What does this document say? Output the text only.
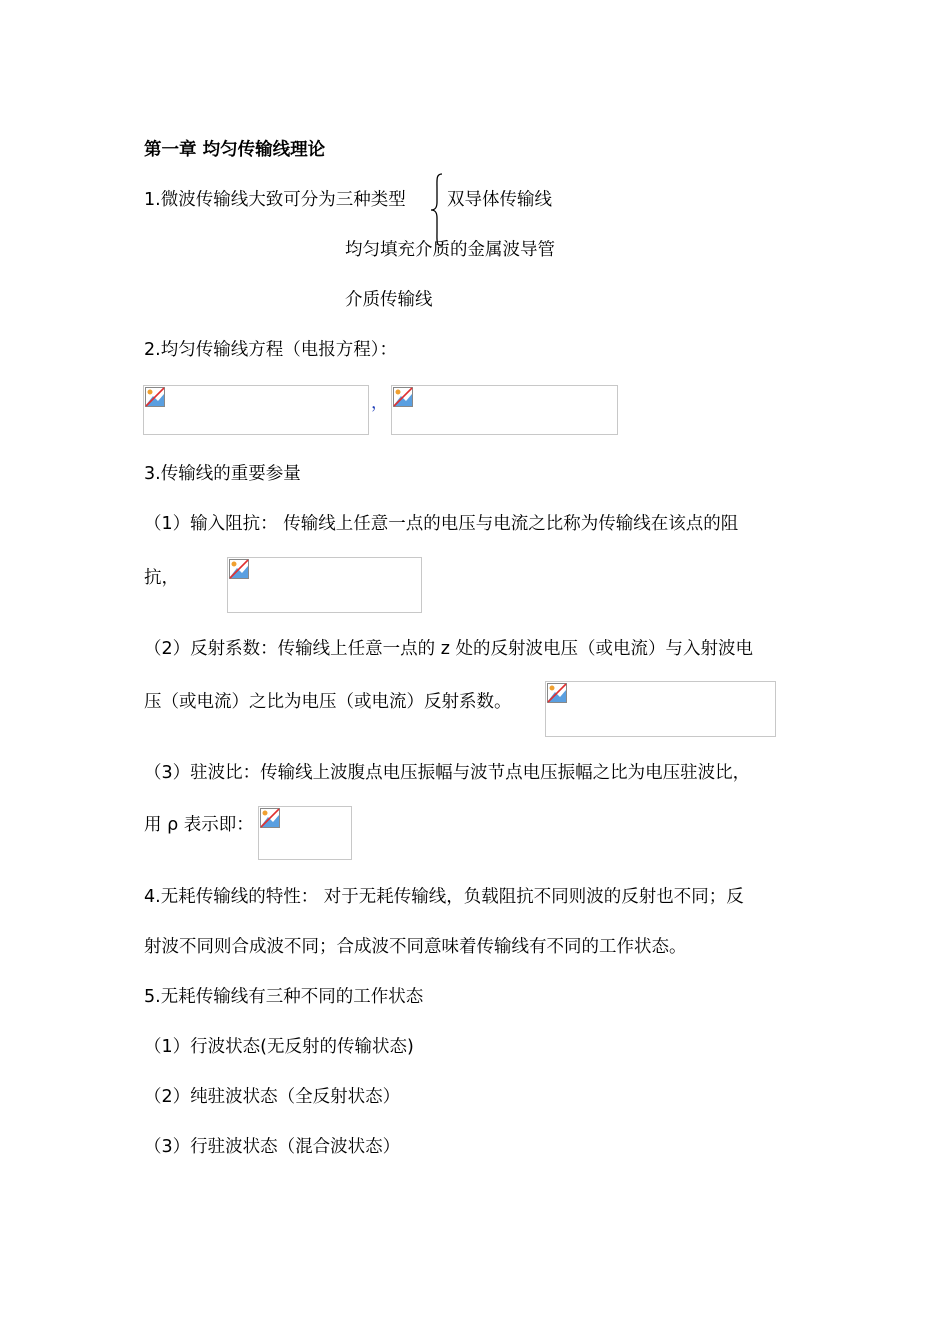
第一章 均匀传输线理论
1.微波传输线大致可分为三种类型 双导体传输线
均匀填充介质的金属波导管
介质传输线
2.均匀传输线方程（电报方程）：
，
3.传输线的重要参量
（1）输入阻抗： 传输线上任意一点的电压与电流之比称为传输线在该点的阻
抗，
（2）反射系数：传输线上任意一点的 z 处的反射波电压（或电流）与入射波电
压（或电流）之比为电压（或电流）反射系数。
（3）驻波比：传输线上波腹点电压振幅与波节点电压振幅之比为电压驻波比，
用 ρ 表示即：
4.无耗传输线的特性： 对于无耗传输线，负载阻抗不同则波的反射也不同；反
射波不同则合成波不同；合成波不同意味着传输线有不同的工作状态。
5.无耗传输线有三种不同的工作状态
（1）行波状态(无反射的传输状态)
（2）纯驻波状态（全反射状态）
（3）行驻波状态（混合波状态）
